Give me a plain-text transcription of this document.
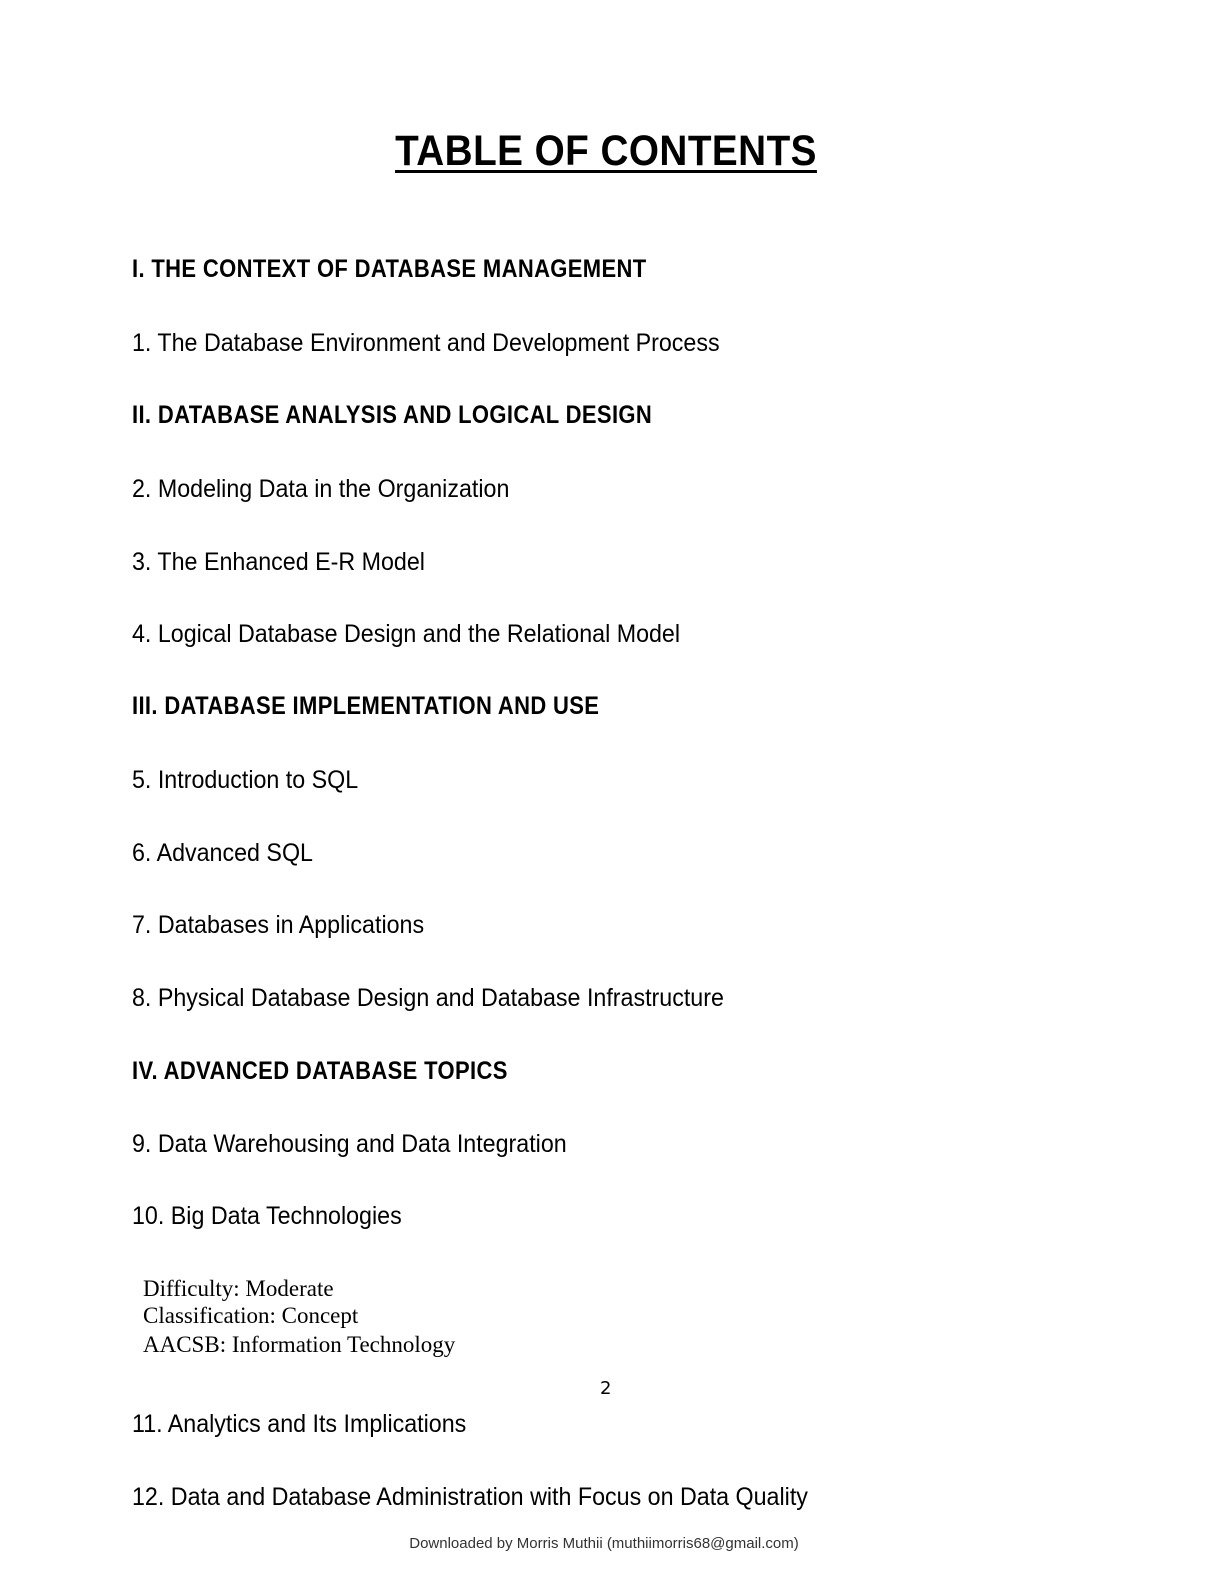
TABLE OF CONTENTS
I. THE CONTEXT OF DATABASE MANAGEMENT
1. The Database Environment and Development Process
II. DATABASE ANALYSIS AND LOGICAL DESIGN
2. Modeling Data in the Organization
3. The Enhanced E-R Model
4. Logical Database Design and the Relational Model
III. DATABASE IMPLEMENTATION AND USE
5. Introduction to SQL
6. Advanced SQL
7. Databases in Applications
8. Physical Database Design and Database Infrastructure
IV. ADVANCED DATABASE TOPICS
9. Data Warehousing and Data Integration
10. Big Data Technologies
Difficulty: Moderate
Classification: Concept
AACSB: Information Technology
2
11. Analytics and Its Implications
12. Data and Database Administration with Focus on Data Quality
Downloaded by Morris Muthii (muthiimorris68@gmail.com)
